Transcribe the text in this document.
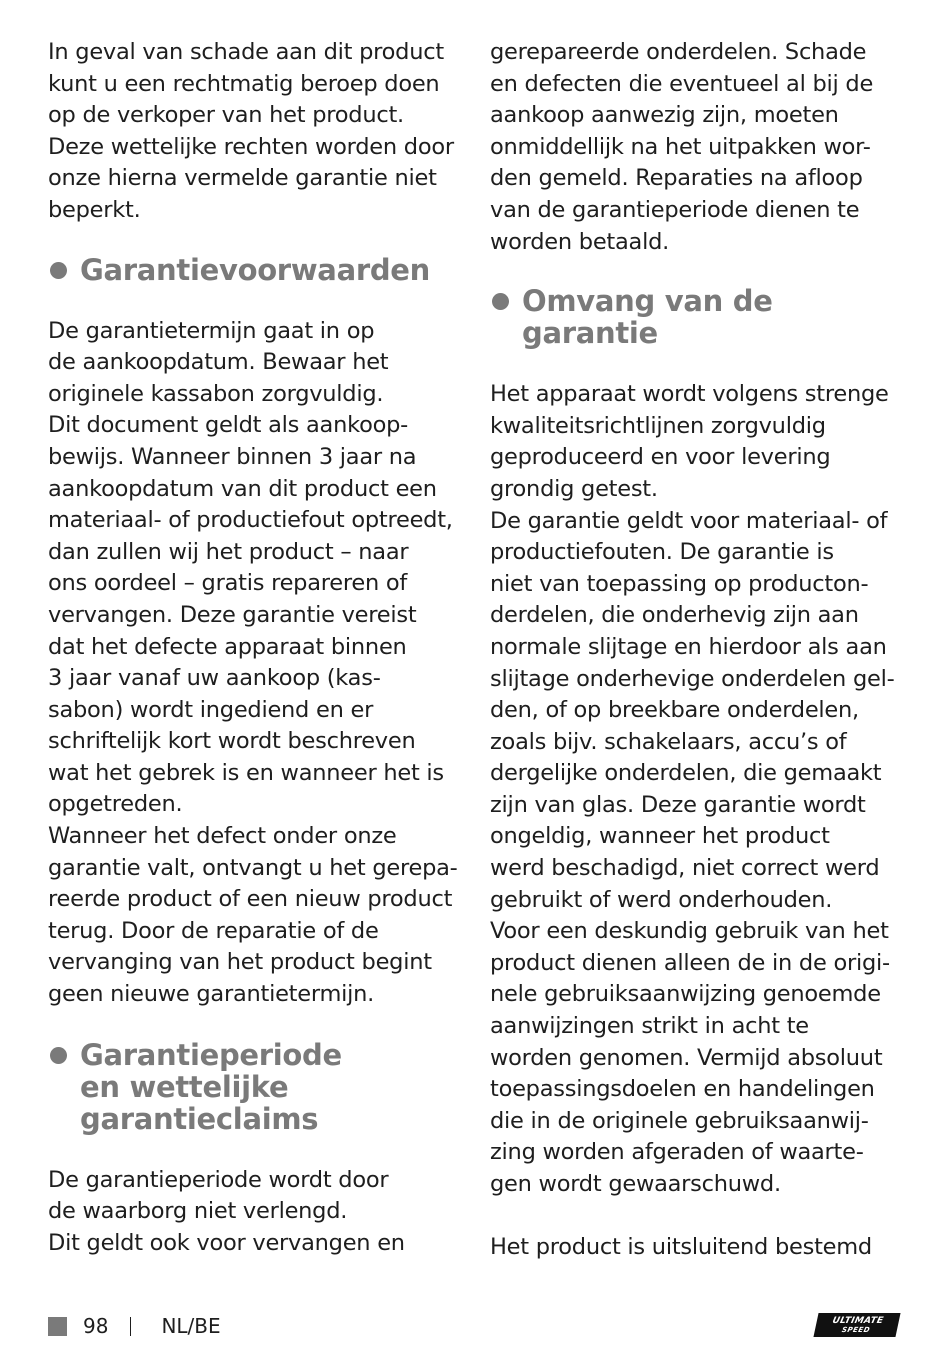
In geval van schade aan dit product
kunt u een rechtmatig beroep doen
op de verkoper van het product.
Deze wettelijke rechten worden door
onze hierna vermelde garantie niet
beperkt.
Garantievoorwaarden
De garantietermijn gaat in op
de aankoopdatum. Bewaar het
originele kassabon zorgvuldig.
Dit document geldt als aankoop-
bewijs. Wanneer binnen 3 jaar na
aankoopdatum van dit product een
materiaal- of productiefout optreedt,
dan zullen wij het product – naar
ons oordeel – gratis repareren of
vervangen. Deze garantie vereist
dat het defecte apparaat binnen
3 jaar vanaf uw aankoop (kas-
sabon) wordt ingediend en er
schriftelijk kort wordt beschreven
wat het gebrek is en wanneer het is
opgetreden.
Wanneer het defect onder onze
garantie valt, ontvangt u het gerepa-
reerde product of een nieuw product
terug. Door de reparatie of de
vervanging van het product begint
geen nieuwe garantietermijn.
Garantieperiode
en wettelijke
garantieclaims
De garantieperiode wordt door
de waarborg niet verlengd.
Dit geldt ook voor vervangen en
gerepareerde onderdelen. Schade
en defecten die eventueel al bij de
aankoop aanwezig zijn, moeten
onmiddellijk na het uitpakken wor-
den gemeld. Reparaties na afloop
van de garantieperiode dienen te
worden betaald.
Omvang van de
garantie
Het apparaat wordt volgens strenge
kwaliteitsrichtlijnen zorgvuldig
geproduceerd en voor levering
grondig getest.
De garantie geldt voor materiaal- of
productiefouten. De garantie is
niet van toepassing op producton-
derdelen, die onderhevig zijn aan
normale slijtage en hierdoor als aan
slijtage onderhevige onderdelen gel-
den, of op breekbare onderdelen,
zoals bijv. schakelaars, accu’s of
dergelijke onderdelen, die gemaakt
zijn van glas. Deze garantie wordt
ongeldig, wanneer het product
werd beschadigd, niet correct werd
gebruikt of werd onderhouden.
Voor een deskundig gebruik van het
product dienen alleen de in de origi-
nele gebruiksaanwijzing genoemde
aanwijzingen strikt in acht te
worden genomen. Vermijd absoluut
toepassingsdoelen en handelingen
die in de originele gebruiksaanwij-
zing worden afgeraden of waarte-
gen wordt gewaarschuwd.
Het product is uitsluitend bestemd
98	NL/BE	ULTIMATE
SPEED
